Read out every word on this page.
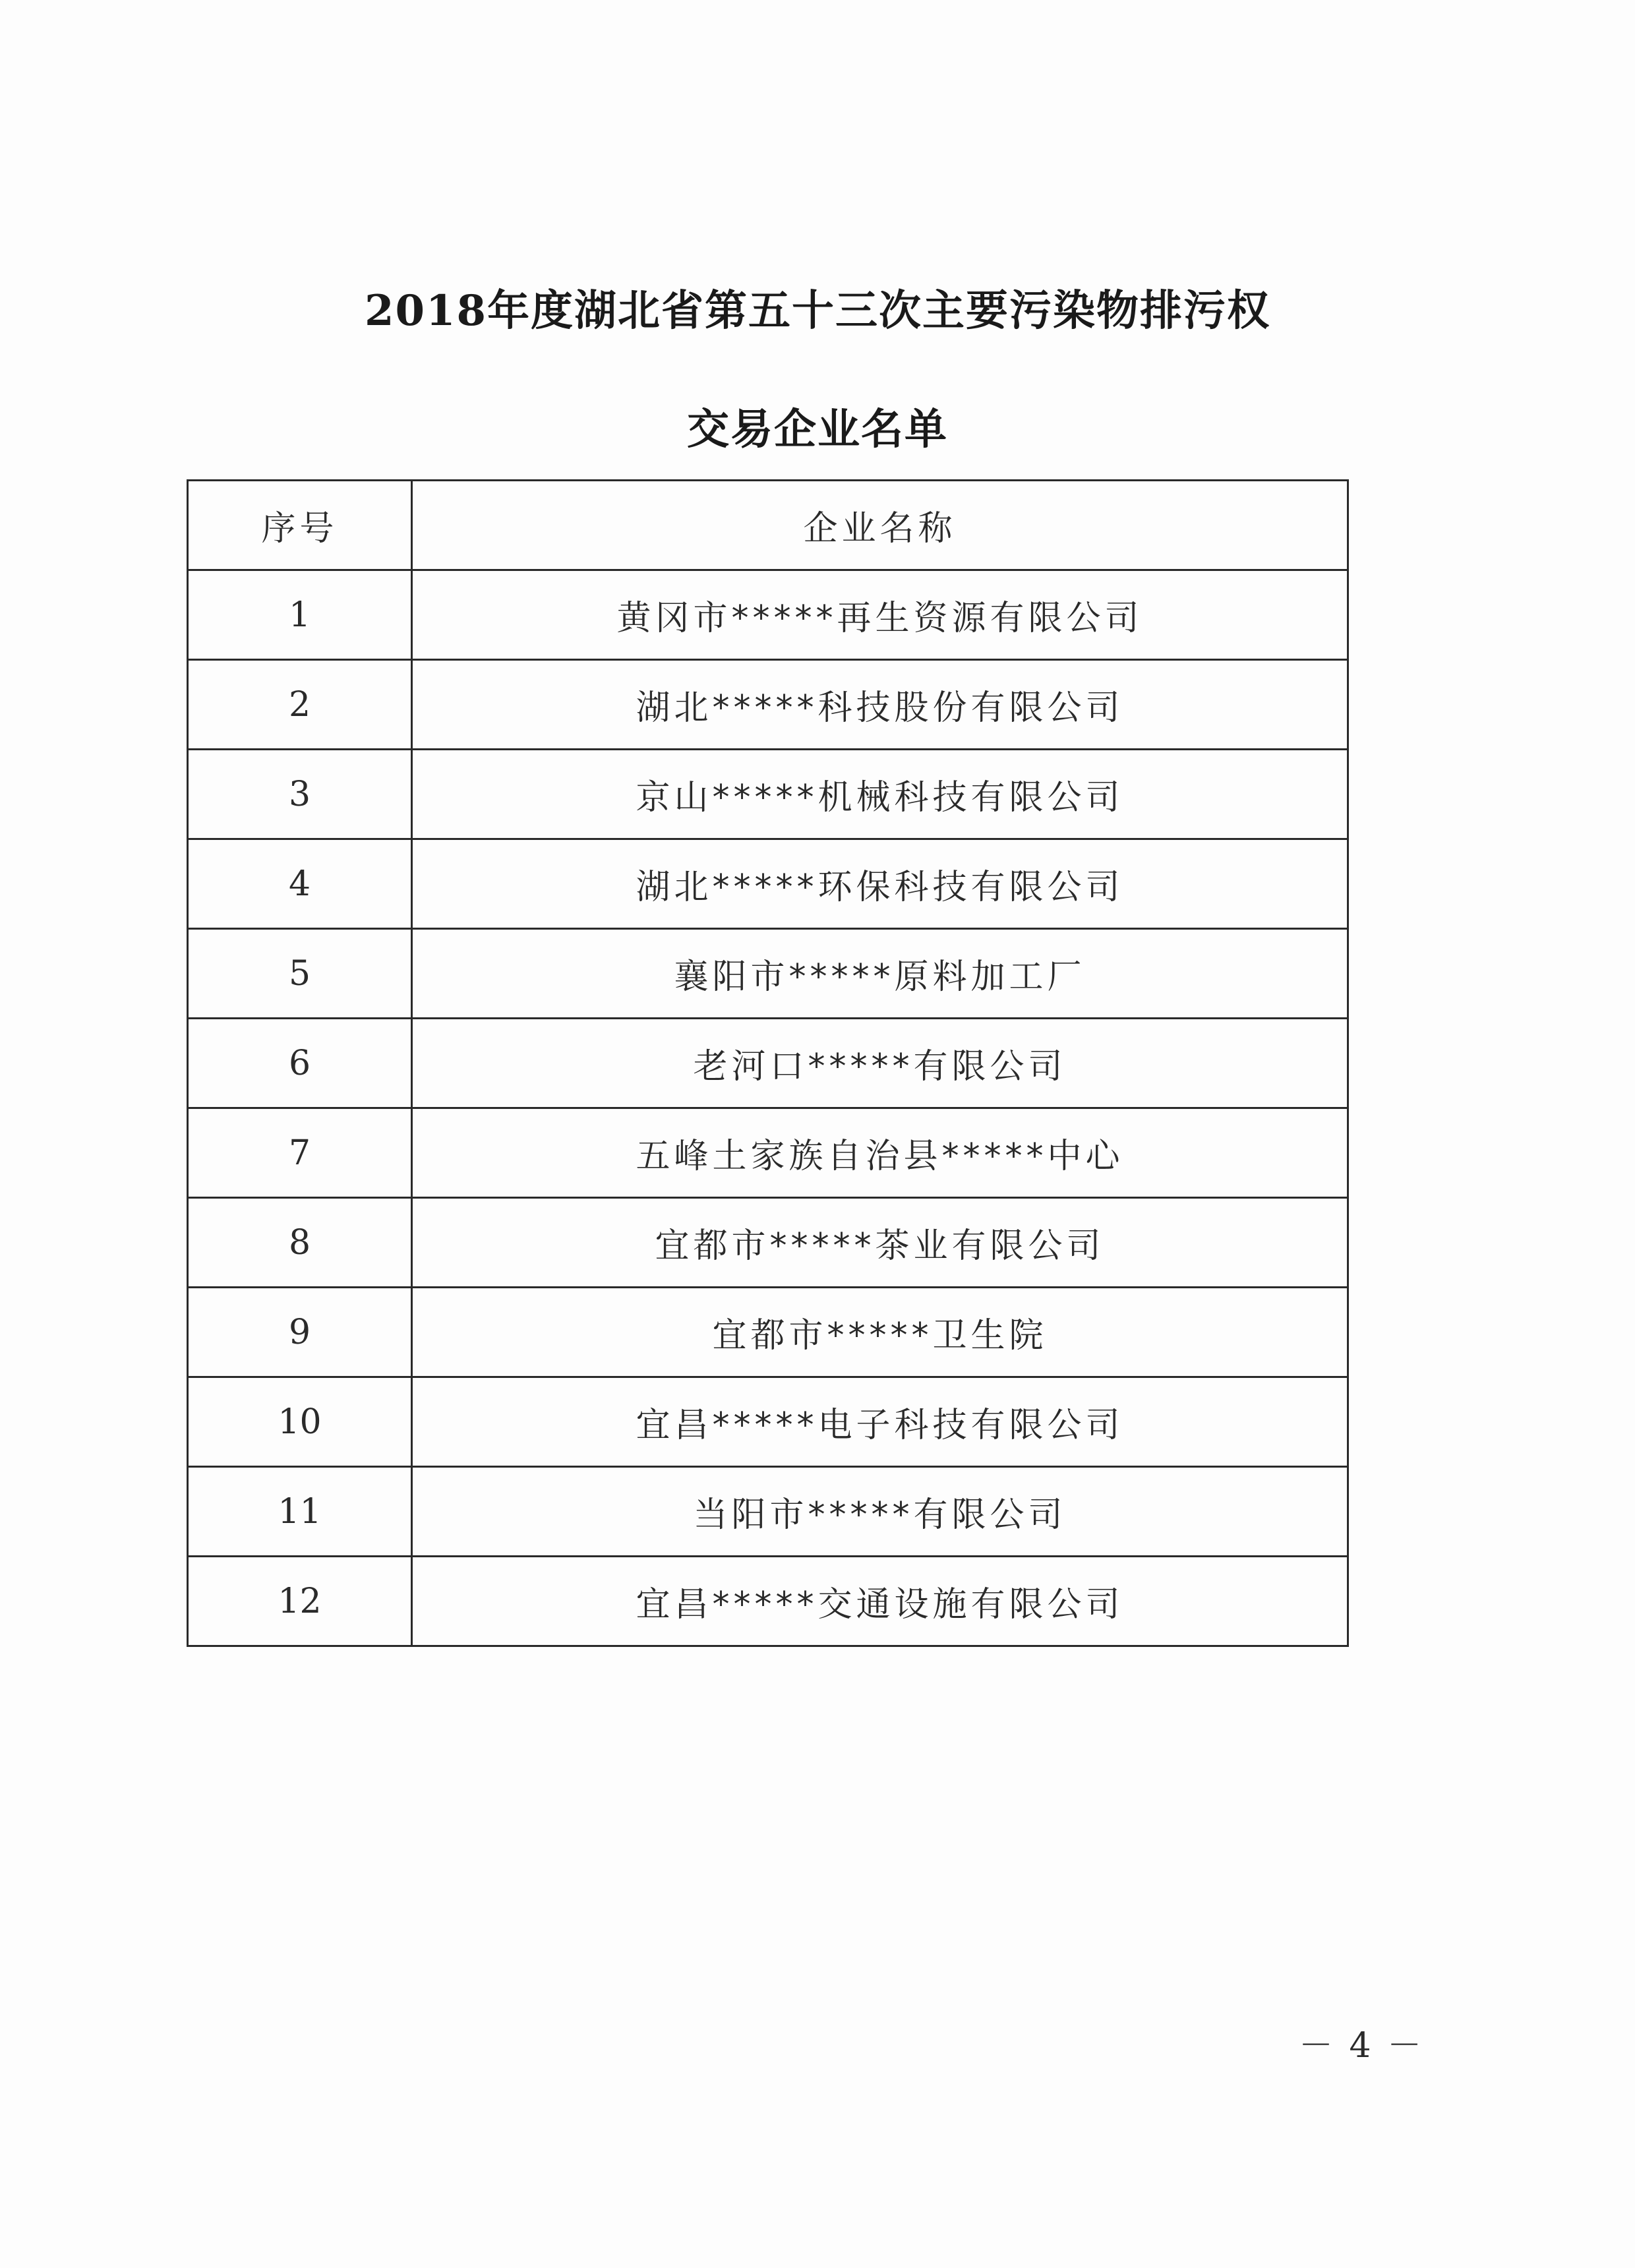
2018年度湖北省第五十三次主要污染物排污权
交易企业名单
序号	企业名称
1	黄冈市*****再生资源有限公司
2	湖北*****科技股份有限公司
3	京山*****机械科技有限公司
4	湖北*****环保科技有限公司
5	襄阳市*****原料加工厂
6	老河口*****有限公司
7	五峰土家族自治县*****中心
8	宜都市*****茶业有限公司
9	宜都市*****卫生院
10	宜昌*****电子科技有限公司
11	当阳市*****有限公司
12	宜昌*****交通设施有限公司
－ 4 －
